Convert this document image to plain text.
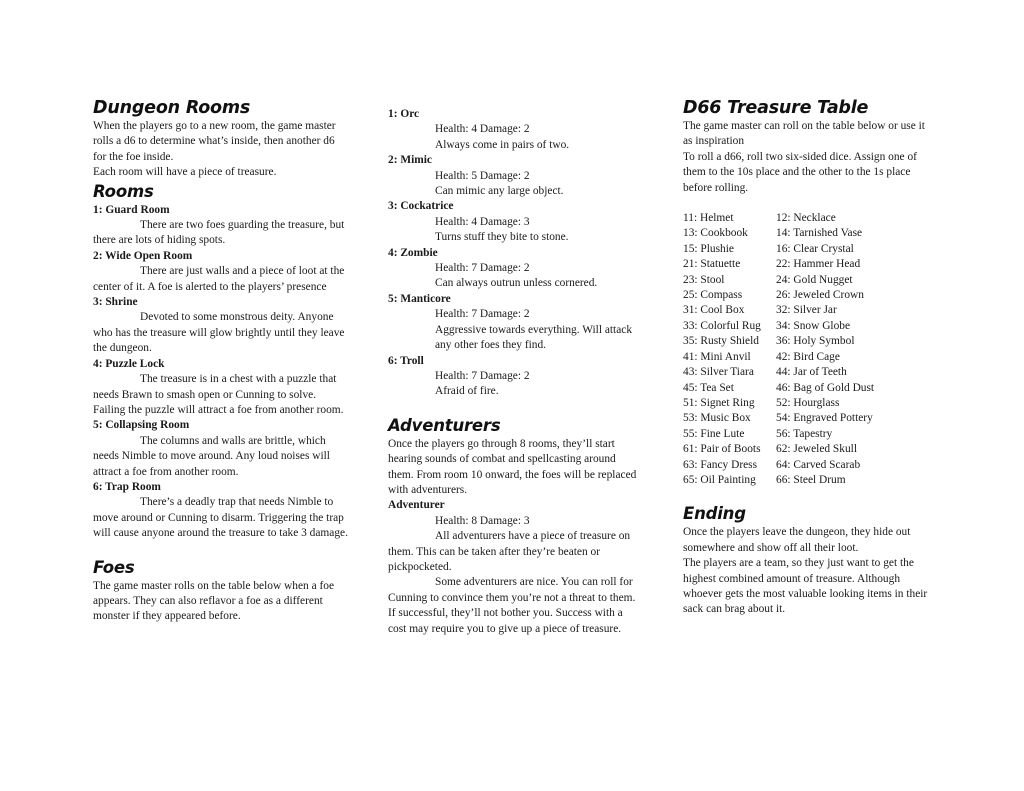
Dungeon Rooms

When the players go to a new room, the game master rolls a d6 to determine what’s inside, then another d6 for the foe inside.

Each room will have a piece of treasure.

Rooms

1: Guard Room

There are two foes guarding the treasure, but there are lots of hiding spots.

2: Wide Open Room

There are just walls and a piece of loot at the center of it. A foe is alerted to the players’ presence

3: Shrine

Devoted to some monstrous deity. Anyone who has the treasure will glow brightly until they leave the dungeon.

4: Puzzle Lock

The treasure is in a chest with a puzzle that needs Brawn to smash open or Cunning to solve. Failing the puzzle will attract a foe from another room.

5: Collapsing Room

The columns and walls are brittle, which needs Nimble to move around. Any loud noises will attract a foe from another room.

6: Trap Room

There’s a deadly trap that needs Nimble to move around or Cunning to disarm. Triggering the trap will cause anyone around the treasure to take 3 damage.

Foes

The game master rolls on the table below when a foe appears. They can also reflavor a foe as a different monster if they appeared before.

1: Orc

Health: 4 Damage: 2

Always come in pairs of two.

2: Mimic

Health: 5 Damage: 2

Can mimic any large object.

3: Cockatrice

Health: 4 Damage: 3

Turns stuff they bite to stone.

4: Zombie

Health: 7 Damage: 2

Can always outrun unless cornered.

5: Manticore

Health: 7 Damage: 2

Aggressive towards everything. Will attack any other foes they find.

6: Troll

Health: 7 Damage: 2

Afraid of fire.

Adventurers

Once the players go through 8 rooms, they’ll start hearing sounds of combat and spellcasting around them. From room 10 onward, the foes will be replaced with adventurers.

Adventurer

Health: 8 Damage: 3

All adventurers have a piece of treasure on them. This can be taken after they’re beaten or pickpocketed.

Some adventurers are nice. You can roll for Cunning to convince them you’re not a threat to them. If successful, they’ll not bother you. Success with a cost may require you to give up a piece of treasure.

D66 Treasure Table

The game master can roll on the table below or use it as inspiration

To roll a d66, roll two six-sided dice. Assign one of them to the 10s place and the other to the 1s place before rolling.

11: Helmet	12: Necklace
13: Cookbook	14: Tarnished Vase
15: Plushie	16: Clear Crystal
21: Statuette	22: Hammer Head
23: Stool	24: Gold Nugget
25: Compass	26: Jeweled Crown
31: Cool Box	32: Silver Jar
33: Colorful Rug	34: Snow Globe
35: Rusty Shield	36: Holy Symbol
41: Mini Anvil	42: Bird Cage
43: Silver Tiara	44: Jar of Teeth
45: Tea Set	46: Bag of Gold Dust
51: Signet Ring	52: Hourglass
53: Music Box	54: Engraved Pottery
55: Fine Lute	56: Tapestry
61: Pair of Boots	62: Jeweled Skull
63: Fancy Dress	64: Carved Scarab
65: Oil Painting	66: Steel Drum
Ending

Once the players leave the dungeon, they hide out somewhere and show off all their loot.

The players are a team, so they just want to get the highest combined amount of treasure. Although whoever gets the most valuable looking items in their sack can brag about it.
